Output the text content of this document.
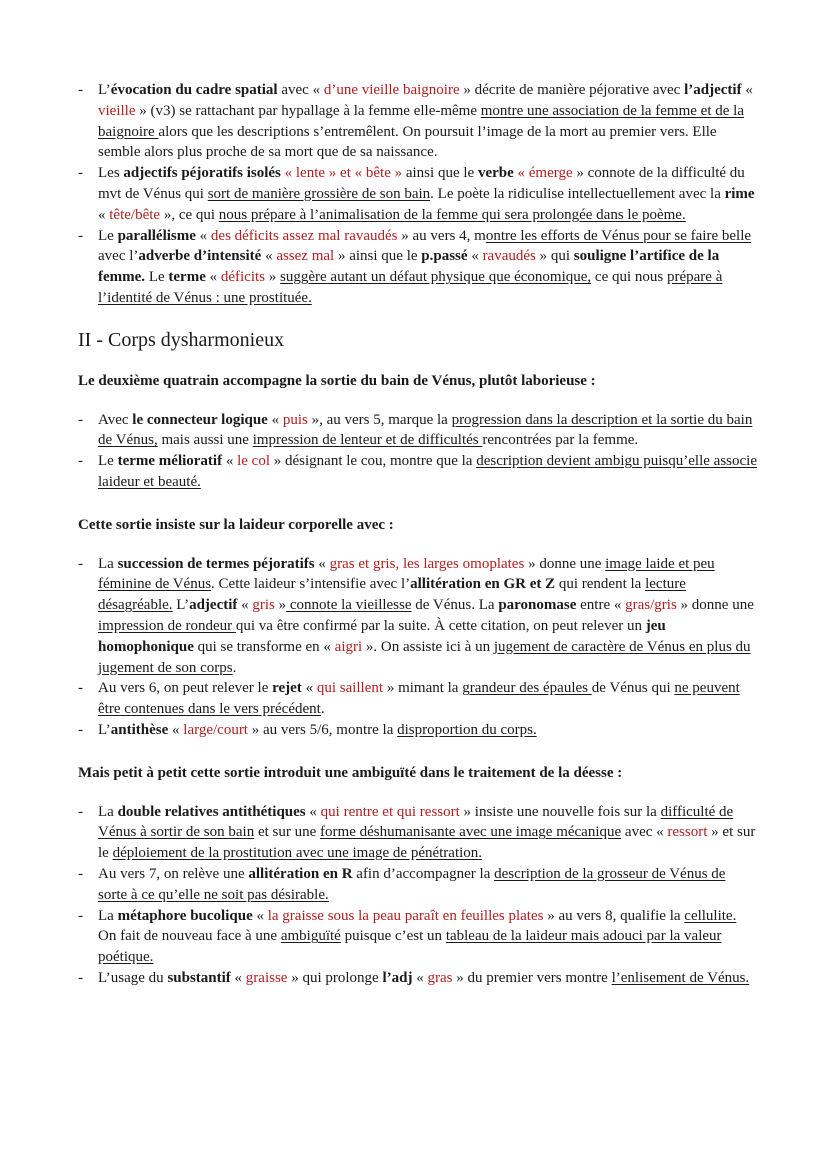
- L’évocation du cadre spatial avec « d’une vieille baignoire » décrite de manière péjorative avec l’adjectif « vieille » (v3) se rattachant par hypallage à la femme elle-même montre une association de la femme et de la baignoire alors que les descriptions s’entremêlent. On poursuit l’image de la mort au premier vers. Elle semble alors plus proche de sa mort que de sa naissance.
- Les adjectifs péjoratifs isolés « lente » et « bête » ainsi que le verbe « émerge » connote de la difficulté du mvt de Vénus qui sort de manière grossière de son bain. Le poète la ridiculise intellectuellement avec la rime « tête/bête », ce qui nous prépare à l’animalisation de la femme qui sera prolongée dans le poème.
- Le parallélisme « des déficits assez mal ravaudés » au vers 4, montre les efforts de Vénus pour se faire belle avec l’adverbe d’intensité « assez mal » ainsi que le p.passé « ravaudés » qui souligne l’artifice de la femme. Le terme « déficits » suggère autant un défaut physique que économique, ce qui nous prépare à l’identité de Vénus : une prostituée.
II - Corps dysharmonieux

Le deuxième quatrain accompagne la sortie du bain de Vénus, plutôt laborieuse :

- Avec le connecteur logique « puis », au vers 5, marque la progression dans la description et la sortie du bain de Vénus, mais aussi une impression de lenteur et de difficultés rencontrées par la femme.
- Le terme mélioratif « le col » désignant le cou, montre que la description devient ambigu puisqu’elle associe laideur et beauté.

Cette sortie insiste sur la laideur corporelle avec :

- La succession de termes péjoratifs « gras et gris, les larges omoplates » donne une image laide et peu féminine de Vénus. Cette laideur s’intensifie avec l’allitération en GR et Z qui rendent la lecture désagréable. L’adjectif « gris » connote la vieillesse de Vénus. La paronomase entre « gras/gris » donne une impression de rondeur qui va être confirmé par la suite. À cette citation, on peut relever un jeu homophonique qui se transforme en « aigri ». On assiste ici à un jugement de caractère de Vénus en plus du jugement de son corps.
- Au vers 6, on peut relever le rejet « qui saillent » mimant la grandeur des épaules de Vénus qui ne peuvent être contenues dans le vers précédent.
- L’antithèse « large/court » au vers 5/6, montre la disproportion du corps.

Mais petit à petit cette sortie introduit une ambiguïté dans le traitement de la déesse :

- La double relatives antithétiques « qui rentre et qui ressort » insiste une nouvelle fois sur la difficulté de Vénus à sortir de son bain et sur une forme déshumanisante avec une image mécanique avec « ressort » et sur le déploiement de la prostitution avec une image de pénétration.
- Au vers 7, on relève une allitération en R afin d’accompagner la description de la grosseur de Vénus de sorte à ce qu’elle ne soit pas désirable.
- La métaphore bucolique « la graisse sous la peau paraît en feuilles plates » au vers 8, qualifie la cellulite. On fait de nouveau face à une ambiguïté puisque c’est un tableau de la laideur mais adouci par la valeur poétique.
- L’usage du substantif « graisse » qui prolonge l’adj « gras » du premier vers montre l’enlisement de Vénus.
